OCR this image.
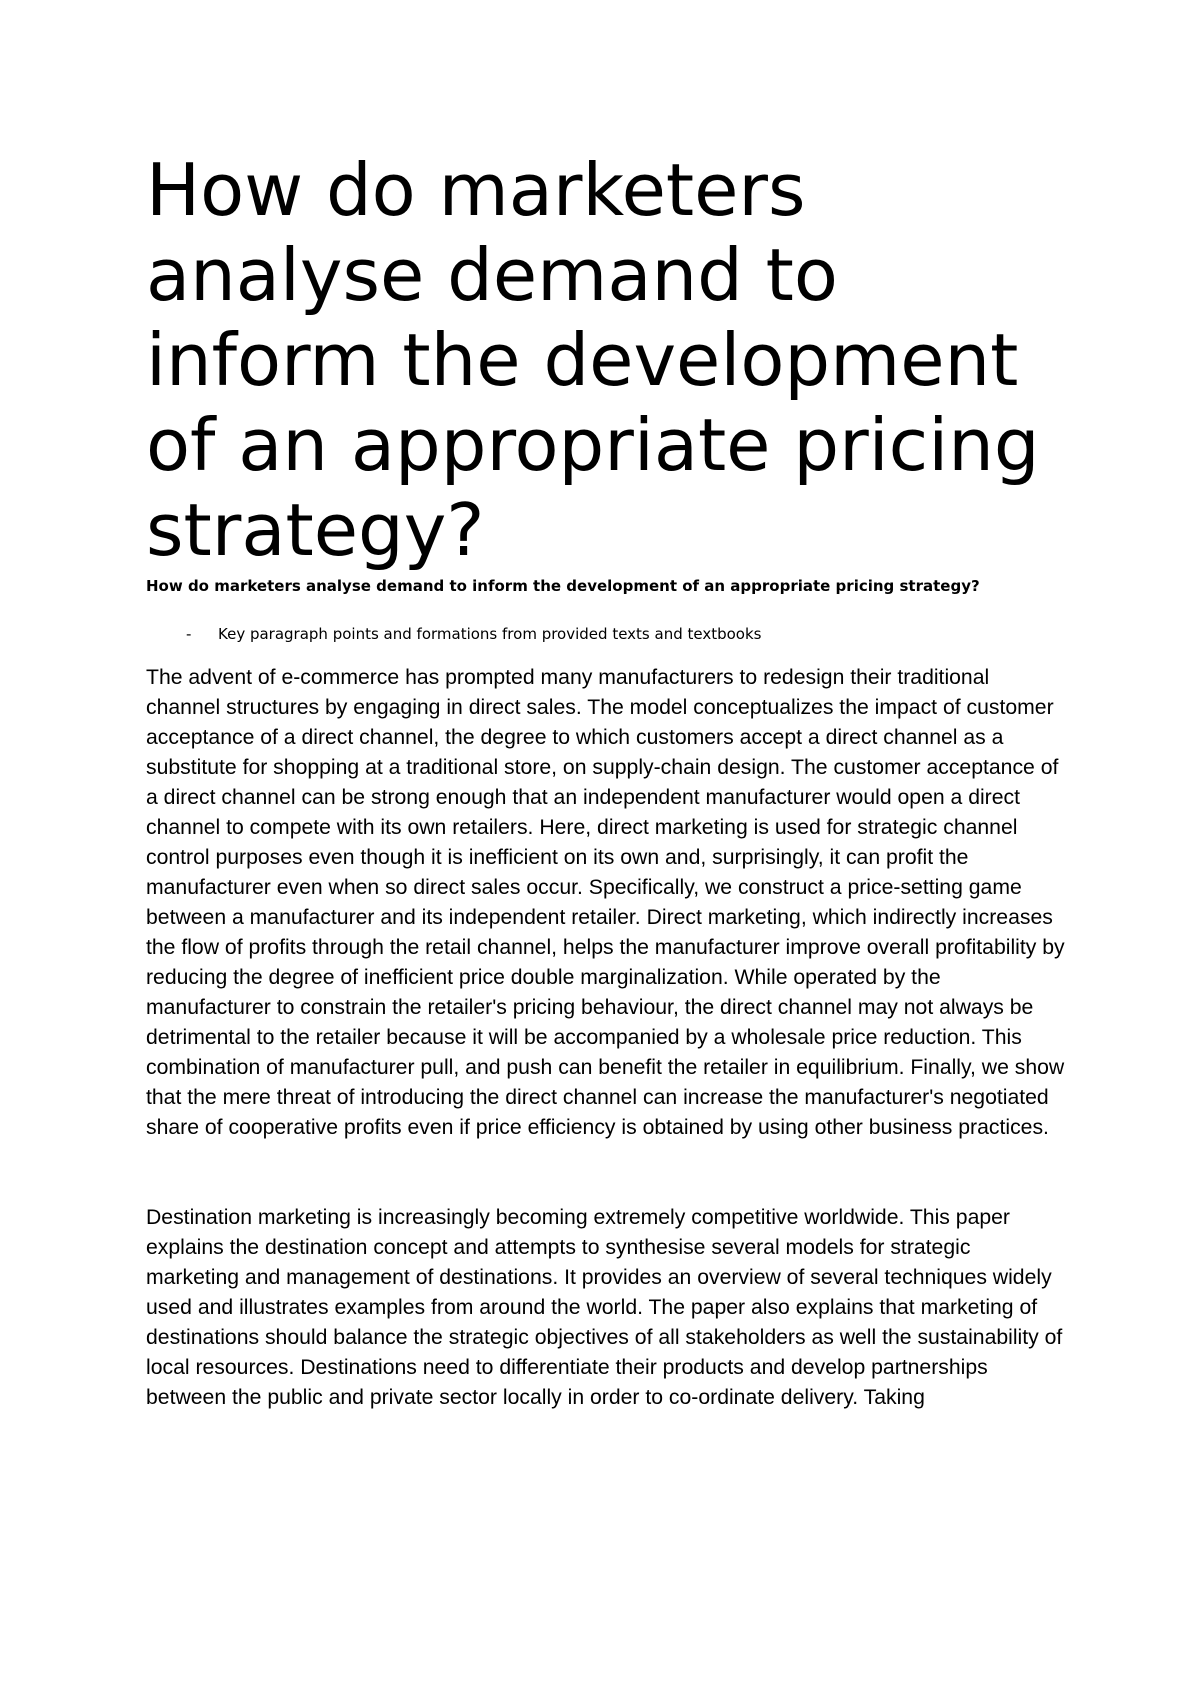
How do marketers analyse demand to inform the development of an appropriate pricing strategy?
How do marketers analyse demand to inform the development of an appropriate pricing strategy?
-	Key paragraph points and formations from provided texts and textbooks

The advent of e-commerce has prompted many manufacturers to redesign their traditional channel structures by engaging in direct sales. The model conceptualizes the impact of customer acceptance of a direct channel, the degree to which customers accept a direct channel as a substitute for shopping at a traditional store, on supply-chain design. The customer acceptance of a direct channel can be strong enough that an independent manufacturer would open a direct channel to compete with its own retailers. Here, direct marketing is used for strategic channel control purposes even though it is inefficient on its own and, surprisingly, it can profit the manufacturer even when so direct sales occur. Specifically, we construct a price-setting game between a manufacturer and its independent retailer. Direct marketing, which indirectly increases the flow of profits through the retail channel, helps the manufacturer improve overall profitability by reducing the degree of inefficient price double marginalization. While operated by the manufacturer to constrain the retailer's pricing behaviour, the direct channel may not always be detrimental to the retailer because it will be accompanied by a wholesale price reduction. This combination of manufacturer pull, and push can benefit the retailer in equilibrium. Finally, we show that the mere threat of introducing the direct channel can increase the manufacturer's negotiated share of cooperative profits even if price efficiency is obtained by using other business practices.

Destination marketing is increasingly becoming extremely competitive worldwide. This paper explains the destination concept and attempts to synthesise several models for strategic marketing and management of destinations. It provides an overview of several techniques widely used and illustrates examples from around the world. The paper also explains that marketing of destinations should balance the strategic objectives of all stakeholders as well the sustainability of local resources. Destinations need to differentiate their products and develop partnerships between the public and private sector locally in order to co-ordinate delivery. Taking
